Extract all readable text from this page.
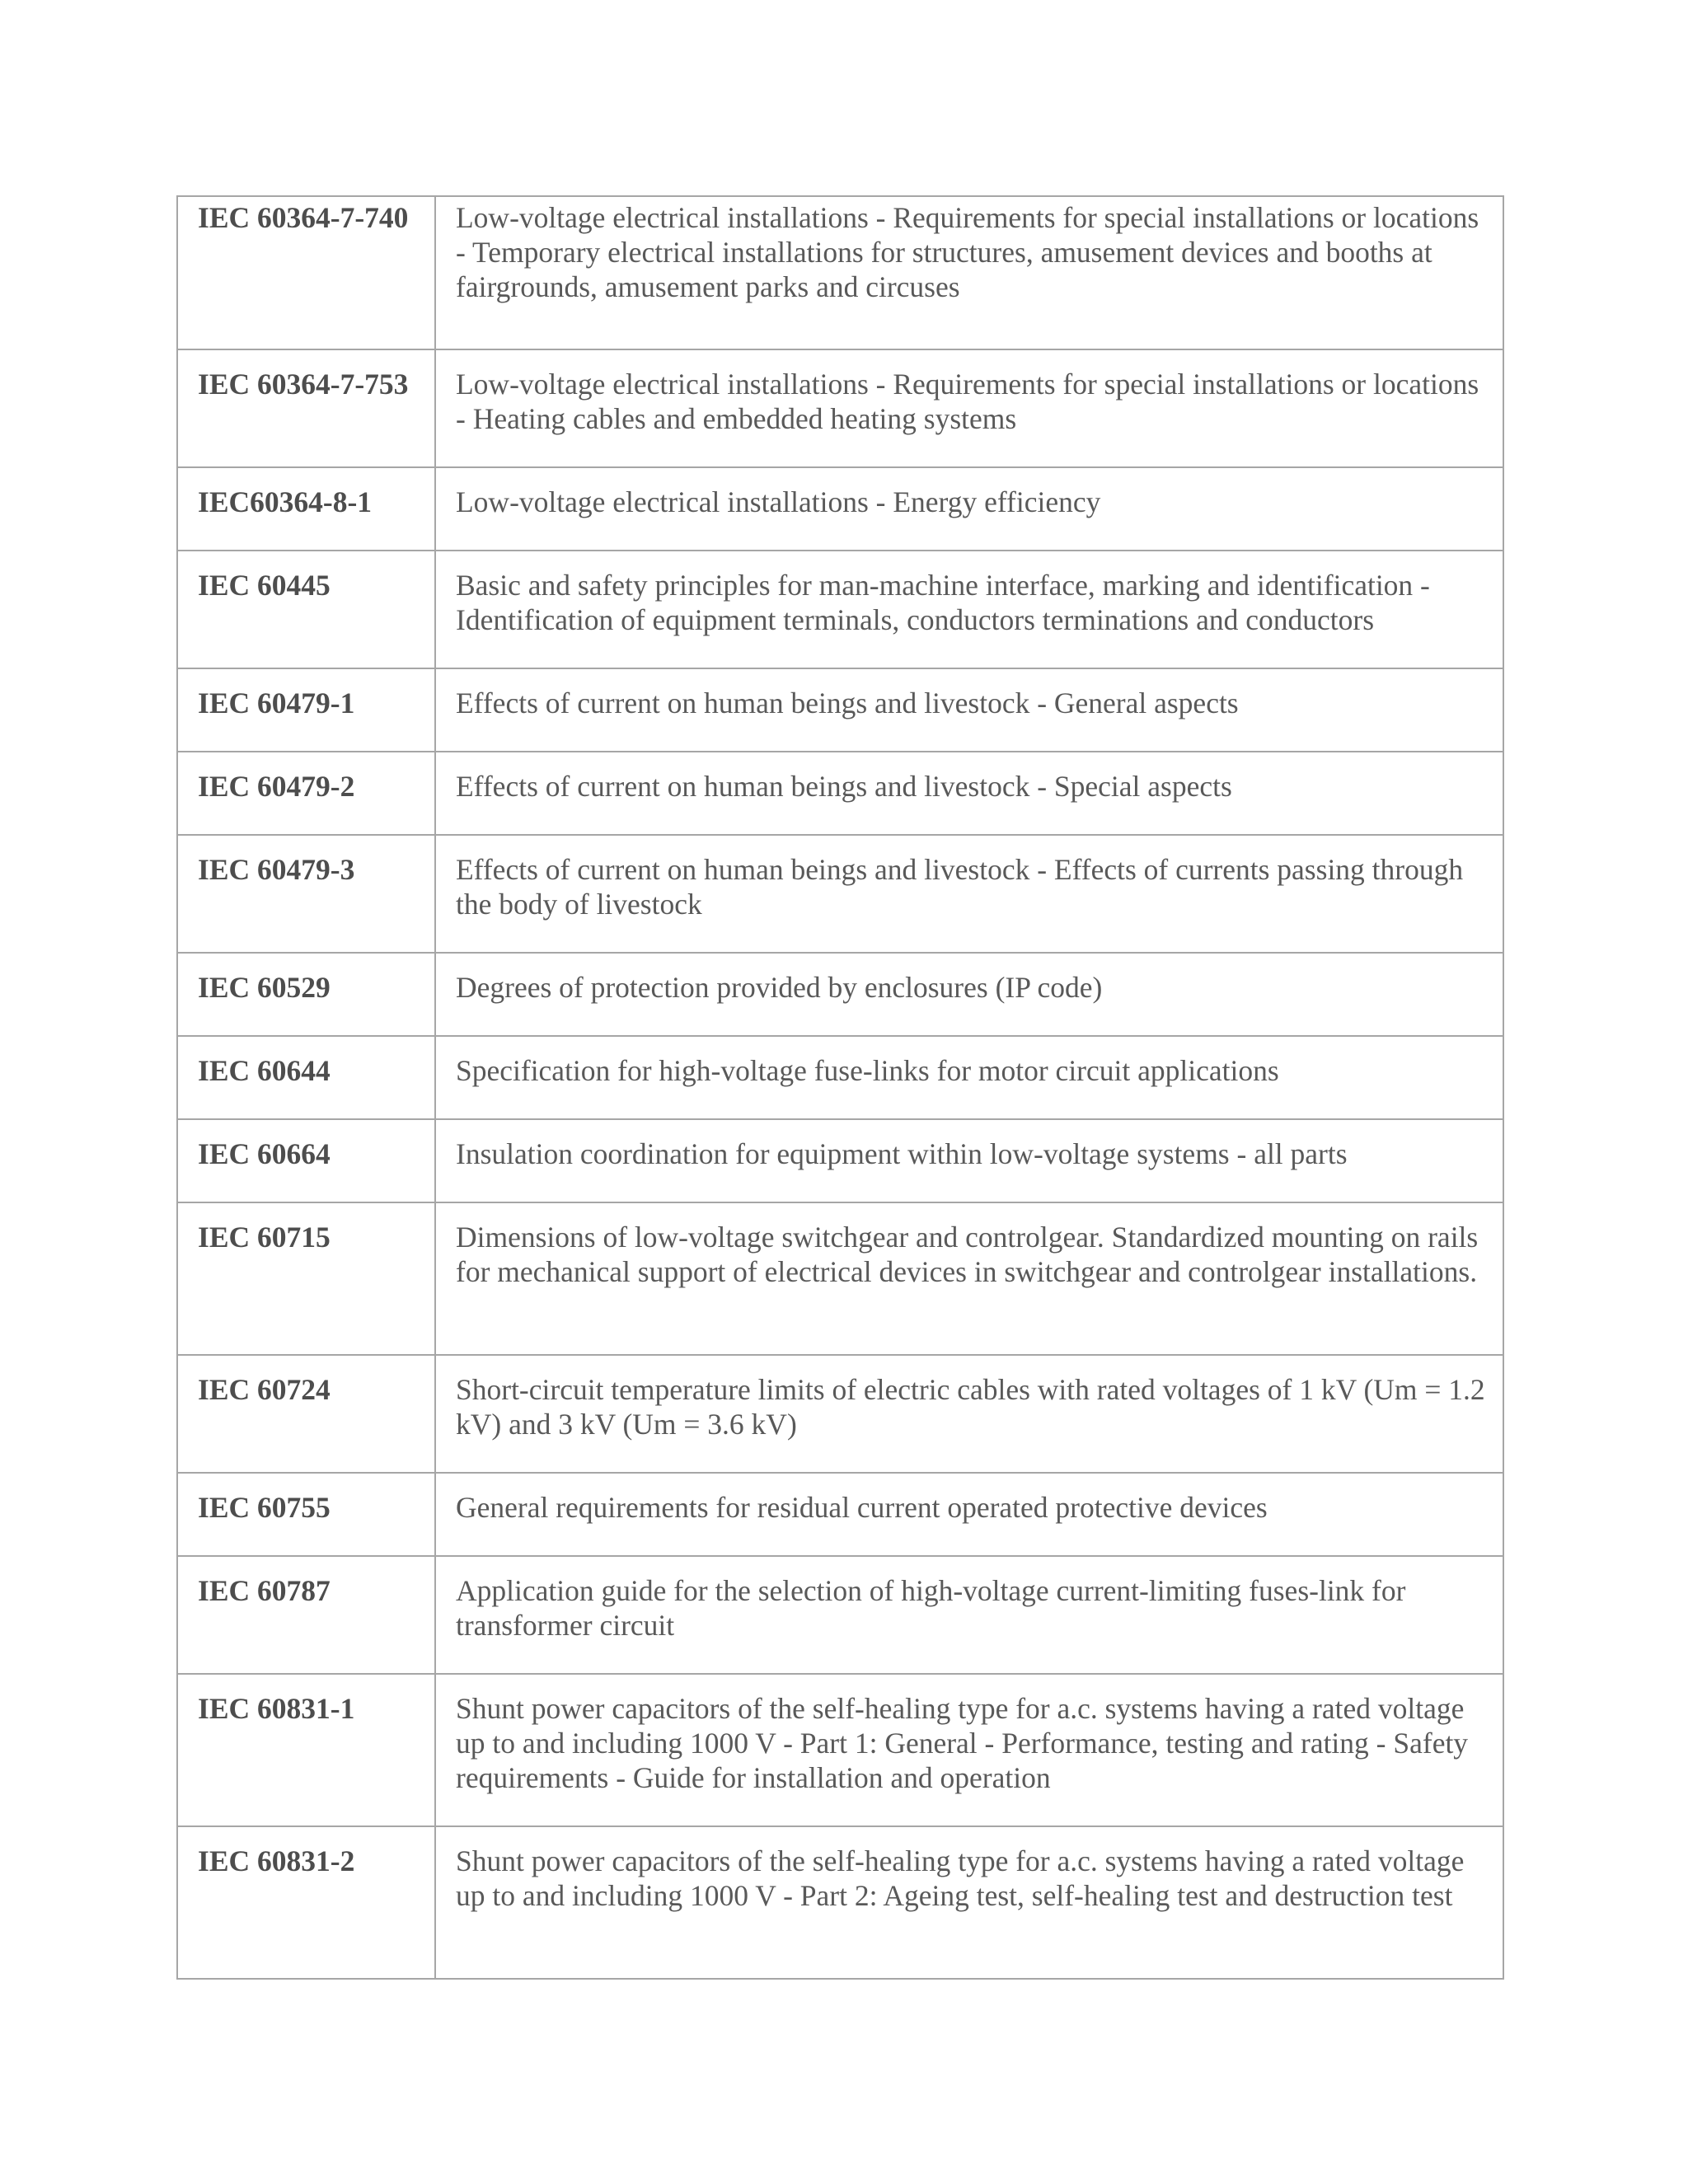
IEC 60364-7-740	Low-voltage electrical installations - Requirements for special installations or locations - Temporary electrical installations for structures, amusement devices and booths at fairgrounds, amusement parks and circuses

IEC 60364-7-753	Low-voltage electrical installations - Requirements for special installations or locations - Heating cables and embedded heating systems

IEC60364-8-1	Low-voltage electrical installations - Energy efficiency

IEC 60445	Basic and safety principles for man-machine interface, marking and identification - Identification of equipment terminals, conductors terminations and conductors

IEC 60479-1	Effects of current on human beings and livestock - General aspects

IEC 60479-2	Effects of current on human beings and livestock - Special aspects

IEC 60479-3	Effects of current on human beings and livestock - Effects of currents passing through the body of livestock

IEC 60529	Degrees of protection provided by enclosures (IP code)

IEC 60644	Specification for high-voltage fuse-links for motor circuit applications

IEC 60664	Insulation coordination for equipment within low-voltage systems - all parts

IEC 60715	Dimensions of low-voltage switchgear and controlgear. Standardized mounting on rails for mechanical support of electrical devices in switchgear and controlgear installations.

IEC 60724	Short-circuit temperature limits of electric cables with rated voltages of 1 kV (Um = 1.2 kV) and 3 kV (Um = 3.6 kV)

IEC 60755	General requirements for residual current operated protective devices

IEC 60787	Application guide for the selection of high-voltage current-limiting fuses-link for transformer circuit

IEC 60831-1	Shunt power capacitors of the self-healing type for a.c. systems having a rated voltage up to and including 1000 V - Part 1: General - Performance, testing and rating - Safety requirements - Guide for installation and operation

IEC 60831-2	Shunt power capacitors of the self-healing type for a.c. systems having a rated voltage up to and including 1000 V - Part 2: Ageing test, self-healing test and destruction test
